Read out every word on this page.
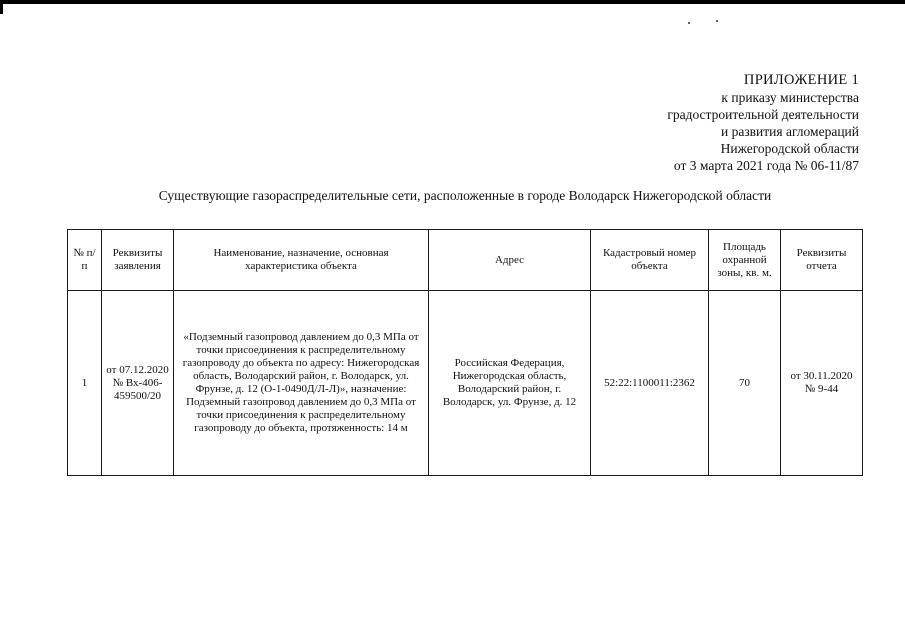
ПРИЛОЖЕНИЕ 1
к приказу министерства
градостроительной деятельности
и развития агломераций
Нижегородской области
от 3 марта 2021 года № 06-11/87
Существующие газораспределительные сети, расположенные в городе Володарск Нижегородской области
№ п/п	Реквизиты заявления	Наименование, назначение, основная характеристика объекта	Адрес	Кадастровый номер объекта	Площадь охранной зоны, кв. м.	Реквизиты отчета
1	от 07.12.2020 № Вх-406-459500/20	«Подземный газопровод давлением до 0,3 МПа от точки присоединения к распределительному газопроводу до объекта по адресу: Нижегородская область, Володарский район, г. Володарск, ул. Фрунзе, д. 12 (О-1-0490Д/Л-Л)», назначение: Подземный газопровод давлением до 0,3 МПа от точки присоединения к распределительному газопроводу до объекта, протяженность: 14 м	Российская Федерация, Нижегородская область, Володарский район, г. Володарск, ул. Фрунзе, д. 12	52:22:1100011:2362	70	от 30.11.2020 № 9-44
